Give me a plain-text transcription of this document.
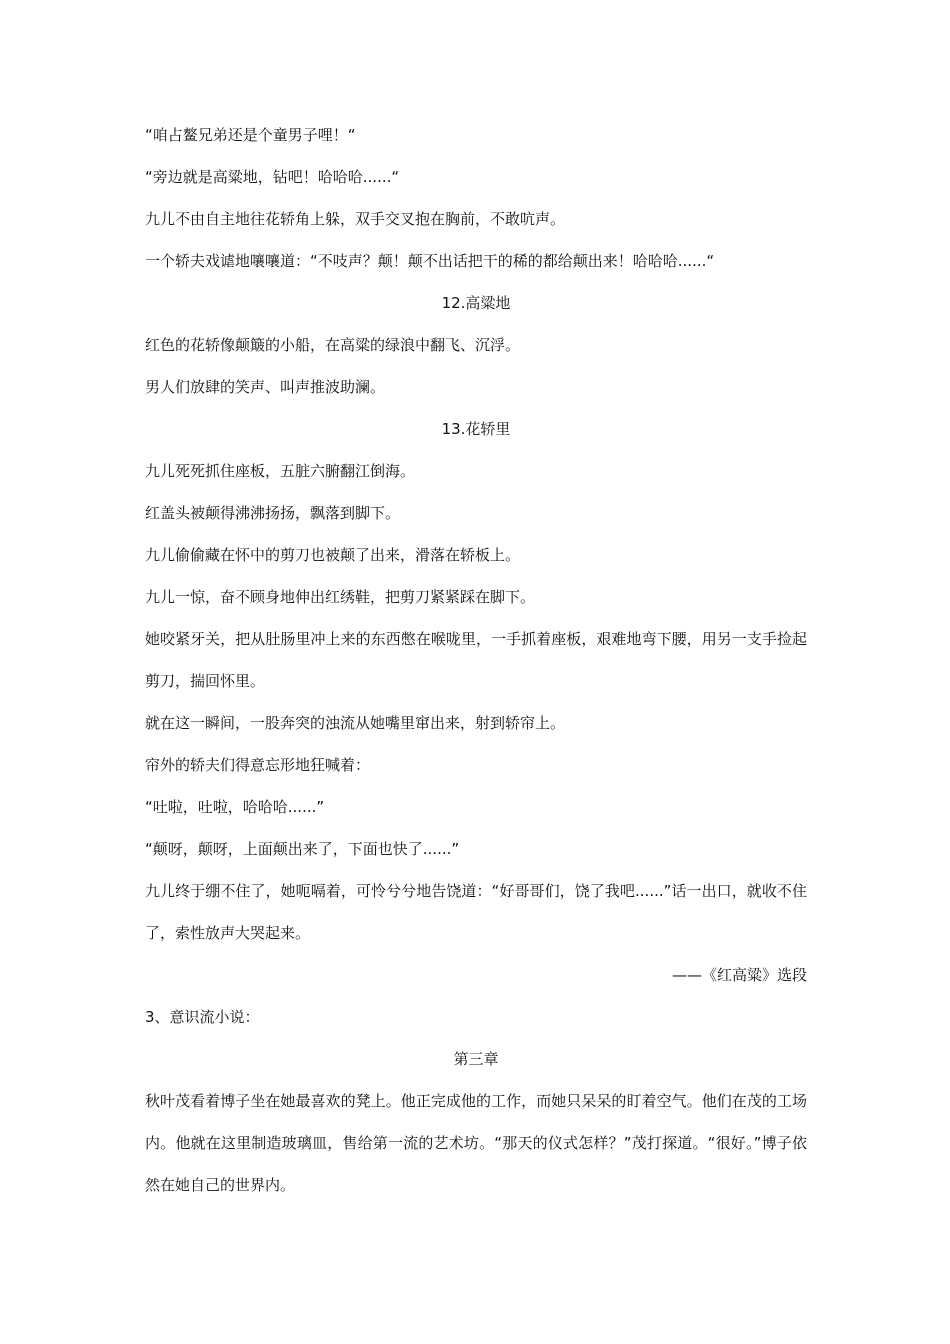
“咱占鳌兄弟还是个童男子哩！“

“旁边就是高粱地，钻吧！哈哈哈......“

九儿不由自主地往花轿角上躲，双手交叉抱在胸前，不敢吭声。

一个轿夫戏谑地嚷嚷道：“不吱声？颠！颠不出话把干的稀的都给颠出来！哈哈哈......“

12.高粱地

红色的花轿像颠簸的小船，在高粱的绿浪中翻飞、沉浮。

男人们放肆的笑声、叫声推波助澜。

13.花轿里

九儿死死抓住座板，五脏六腑翻江倒海。

红盖头被颠得沸沸扬扬，飘落到脚下。

九儿偷偷藏在怀中的剪刀也被颠了出来，滑落在轿板上。

九儿一惊，奋不顾身地伸出红绣鞋，把剪刀紧紧踩在脚下。

她咬紧牙关，把从肚肠里冲上来的东西憋在喉咙里，一手抓着座板，艰难地弯下腰，用另一支手捡起剪刀，揣回怀里。

就在这一瞬间，一股奔突的浊流从她嘴里窜出来，射到轿帘上。

帘外的轿夫们得意忘形地狂喊着：

“吐啦，吐啦，哈哈哈......”

“颠呀，颠呀，上面颠出来了，下面也快了......”

九儿终于绷不住了，她呃嗝着，可怜兮兮地告饶道：“好哥哥们，饶了我吧......”话一出口，就收不住了，索性放声大哭起来。

——《红高粱》选段

3、意识流小说：

第三章

秋叶茂看着博子坐在她最喜欢的凳上。他正完成他的工作，而她只呆呆的盯着空气。他们在茂的工场内。他就在这里制造玻璃皿，售给第一流的艺术坊。“那天的仪式怎样？”茂打探道。“很好。”博子依然在她自己的世界内。
